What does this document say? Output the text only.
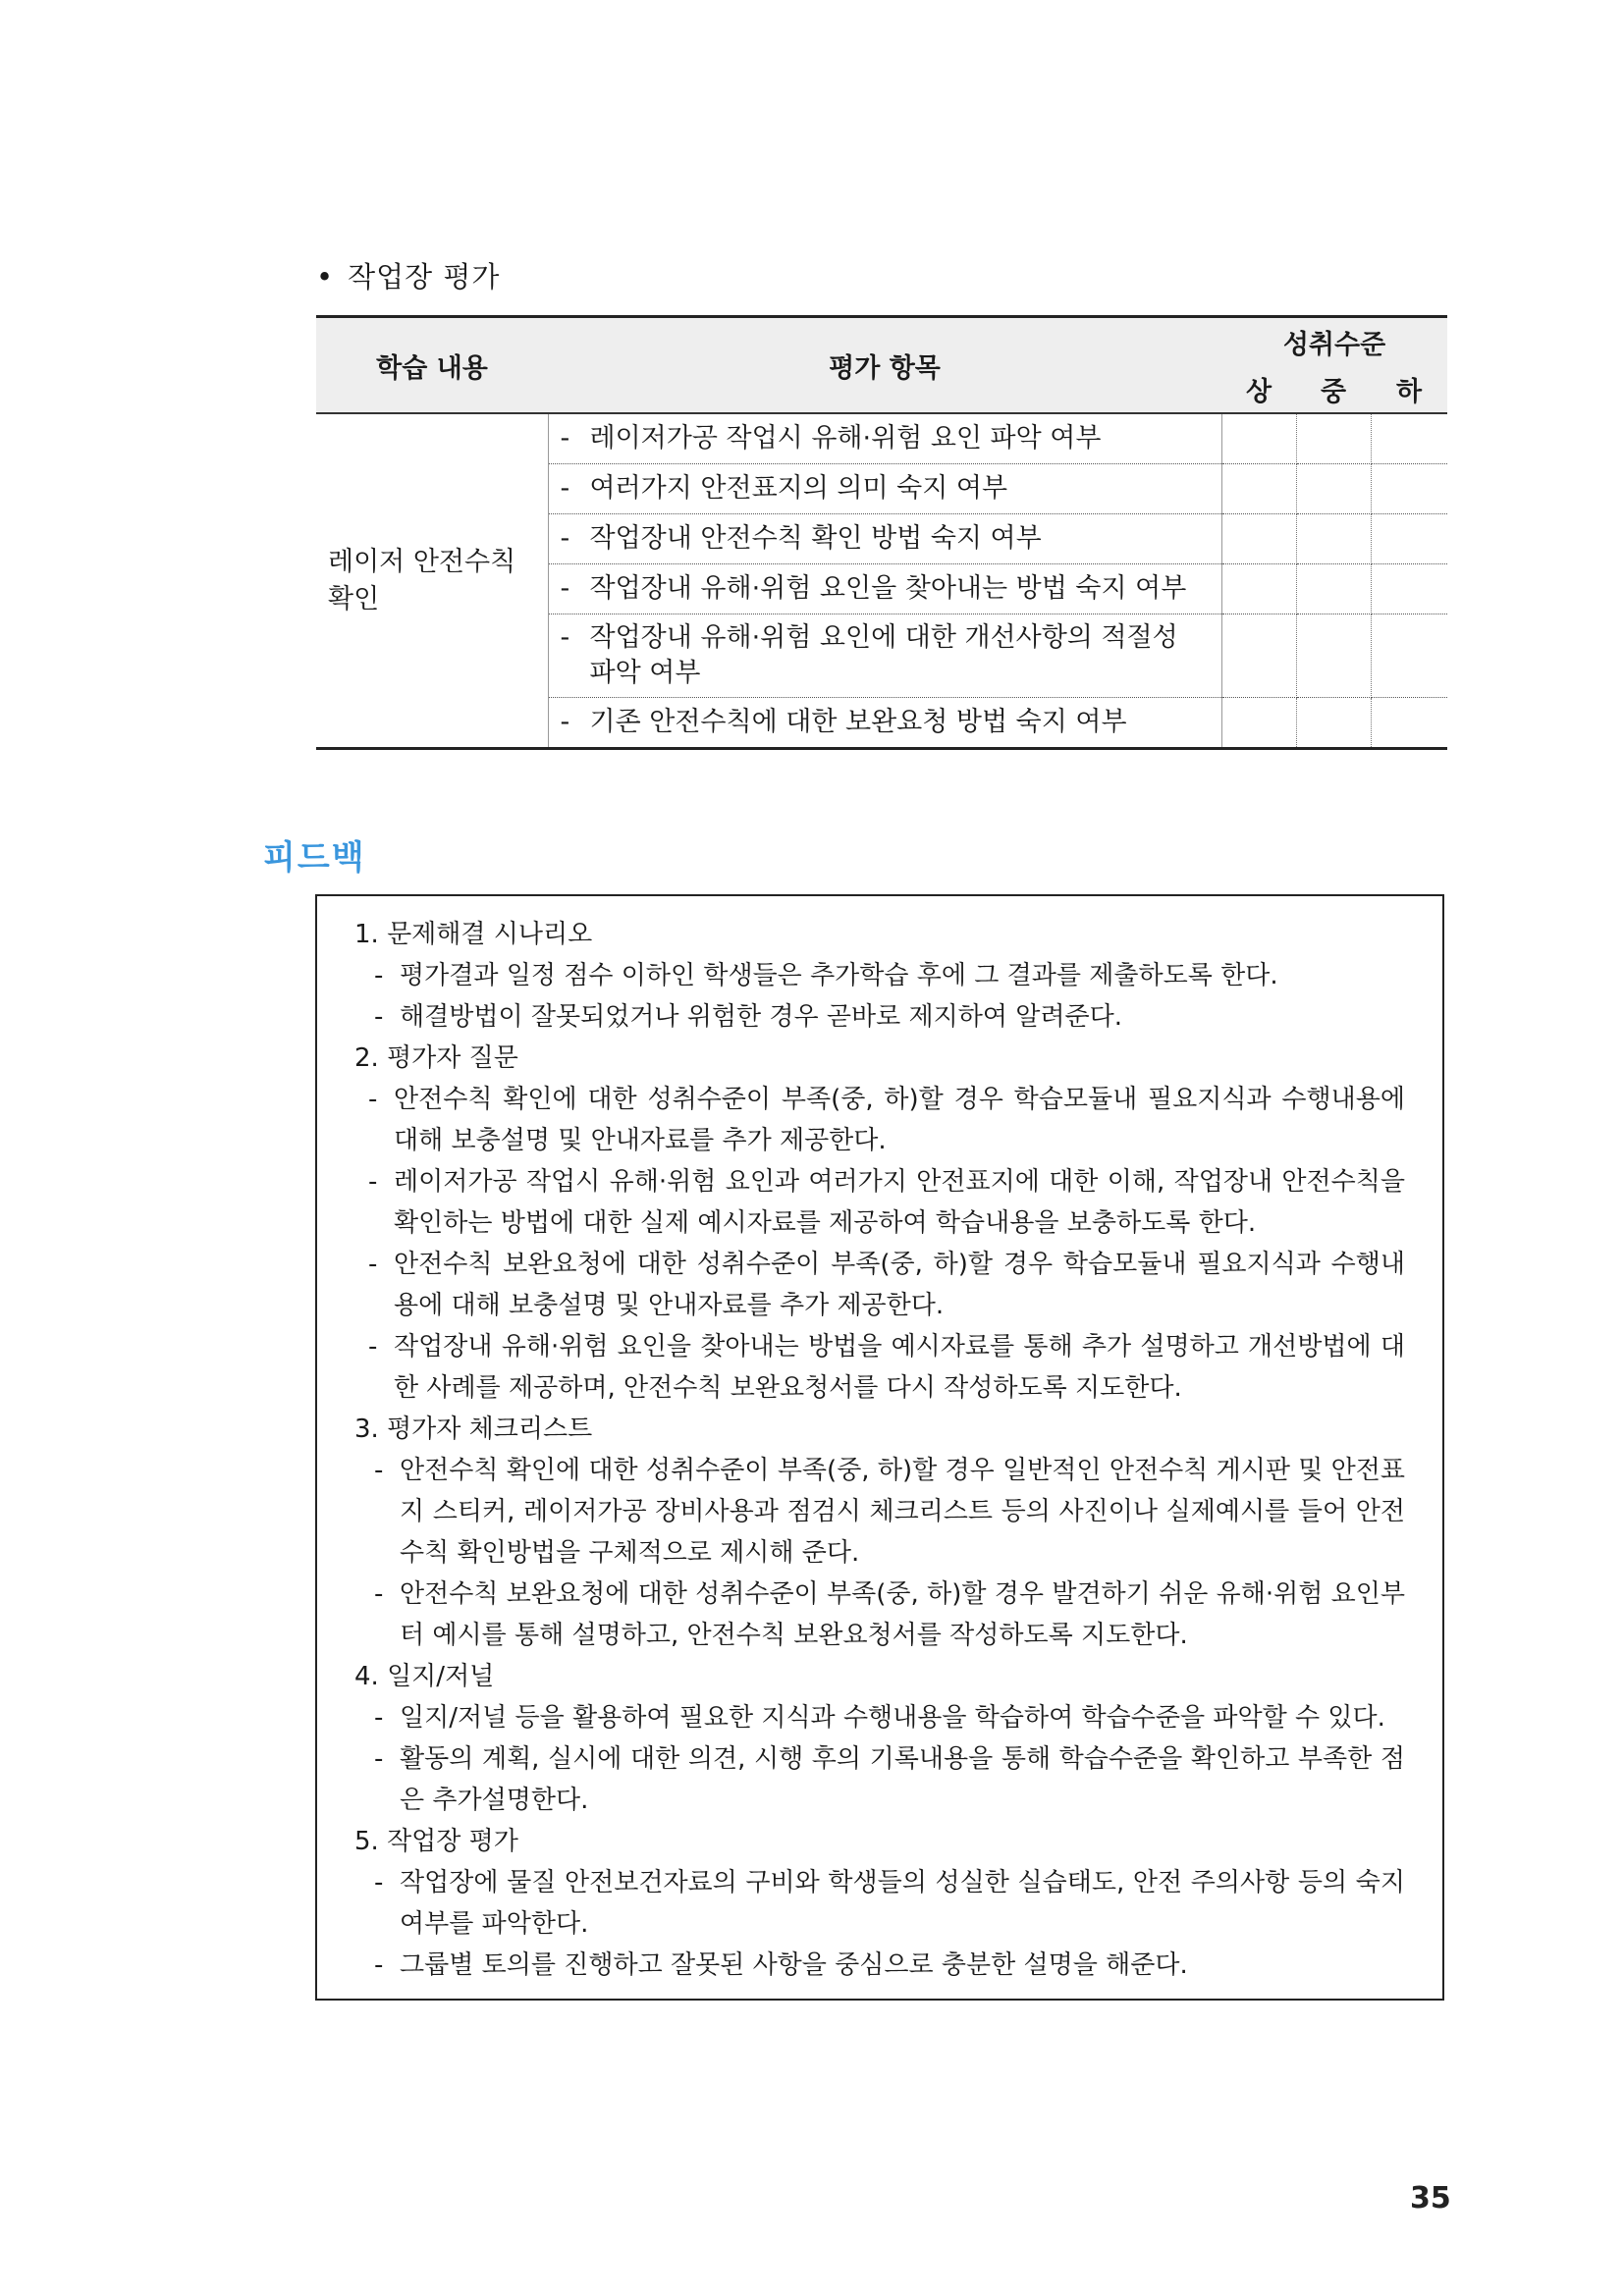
• 작업장 평가
학습 내용	평가 항목	성취수준		
		상	중	하
레이저 안전수칙 확인	- 레이저가공 작업시 유해·위험 요인 파악 여부			

	- 여러가지 안전표지의 의미 숙지 여부			

	- 작업장내 안전수칙 확인 방법 숙지 여부			

	- 작업장내 유해·위험 요인을 찾아내는 방법 숙지 여부			

	- 작업장내 유해·위험 요인에 대한 개선사항의 적절성 파악 여부			

	- 기존 안전수칙에 대한 보완요청 방법 숙지 여부			

피드백
1. 문제해결 시나리오
- 평가결과 일정 점수 이하인 학생들은 추가학습 후에 그 결과를 제출하도록 한다.
- 해결방법이 잘못되었거나 위험한 경우 곧바로 제지하여 알려준다.
2. 평가자 질문
- 안전수칙 확인에 대한 성취수준이 부족(중, 하)할 경우 학습모듈내 필요지식과 수행내용에 대해 보충설명 및 안내자료를 추가 제공한다.
- 레이저가공 작업시 유해·위험 요인과 여러가지 안전표지에 대한 이해, 작업장내 안전수칙을 확인하는 방법에 대한 실제 예시자료를 제공하여 학습내용을 보충하도록 한다.
- 안전수칙 보완요청에 대한 성취수준이 부족(중, 하)할 경우 학습모듈내 필요지식과 수행내용에 대해 보충설명 및 안내자료를 추가 제공한다.
- 작업장내 유해·위험 요인을 찾아내는 방법을 예시자료를 통해 추가 설명하고 개선방법에 대한 사례를 제공하며, 안전수칙 보완요청서를 다시 작성하도록 지도한다.
3. 평가자 체크리스트
- 안전수칙 확인에 대한 성취수준이 부족(중, 하)할 경우 일반적인 안전수칙 게시판 및 안전표지 스티커, 레이저가공 장비사용과 점검시 체크리스트 등의 사진이나 실제예시를 들어 안전수칙 확인방법을 구체적으로 제시해 준다.
- 안전수칙 보완요청에 대한 성취수준이 부족(중, 하)할 경우 발견하기 쉬운 유해·위험 요인부터 예시를 통해 설명하고, 안전수칙 보완요청서를 작성하도록 지도한다.
4. 일지/저널
- 일지/저널 등을 활용하여 필요한 지식과 수행내용을 학습하여 학습수준을 파악할 수 있다.
- 활동의 계획, 실시에 대한 의견, 시행 후의 기록내용을 통해 학습수준을 확인하고 부족한 점은 추가설명한다.
5. 작업장 평가
- 작업장에 물질 안전보건자료의 구비와 학생들의 성실한 실습태도, 안전 주의사항 등의 숙지 여부를 파악한다.
- 그룹별 토의를 진행하고 잘못된 사항을 중심으로 충분한 설명을 해준다.
35
